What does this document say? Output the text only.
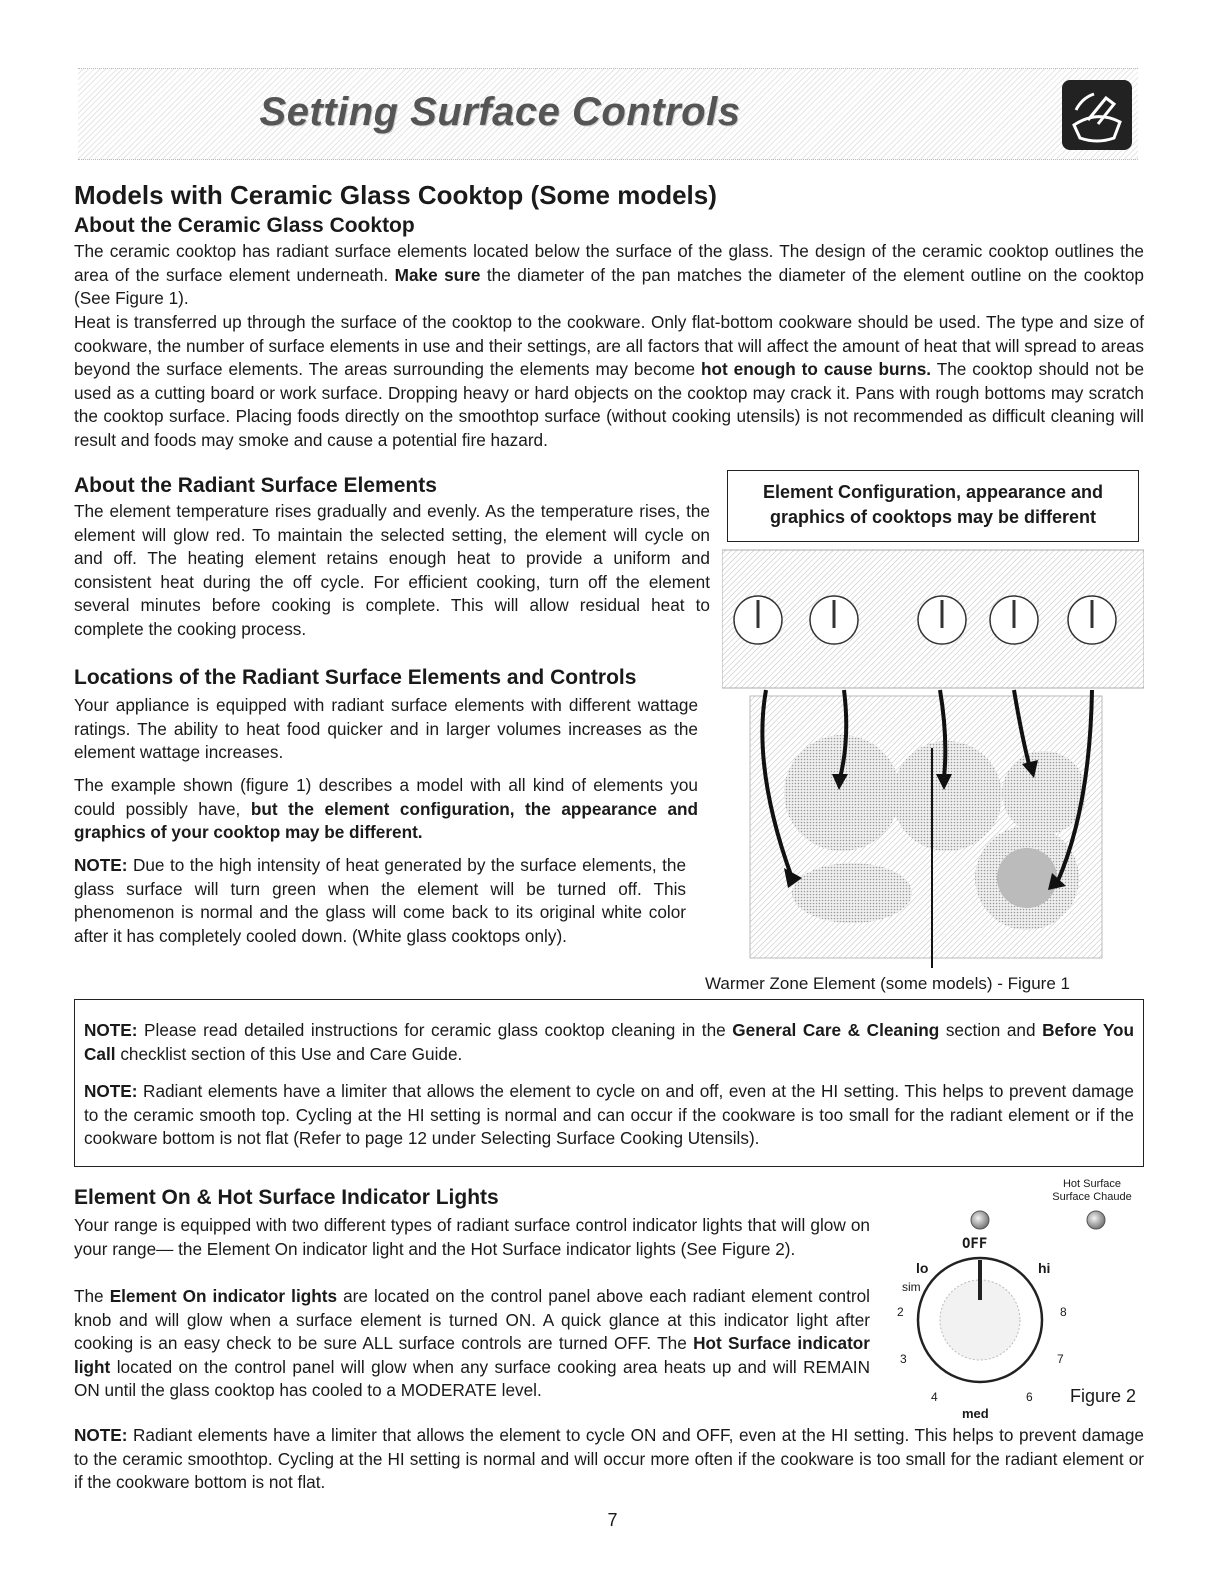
Setting Surface Controls
Models with Ceramic Glass Cooktop (Some models)
About the Ceramic Glass Cooktop

The ceramic cooktop has radiant surface elements located below the surface of the glass. The design of the ceramic cooktop outlines the area of the surface element underneath. Make sure the diameter of the pan matches the diameter of the element outline on the cooktop (See Figure 1).

Heat is transferred up through the surface of the cooktop to the cookware. Only flat-bottom cookware should be used. The type and size of cookware, the number of surface elements in use and their settings, are all factors that will affect the amount of heat that will spread to areas beyond the surface elements. The areas surrounding the elements may become hot enough to cause burns. The cooktop should not be used as a cutting board or work surface. Dropping heavy or hard objects on the cooktop may crack it. Pans with rough bottoms may scratch the cooktop surface. Placing foods directly on the smoothtop surface (without cooking utensils) is not recommended as difficult cleaning will result and foods may smoke and cause a potential fire hazard.

About the Radiant Surface Elements

The element temperature rises gradually and evenly. As the temperature rises, the element will glow red. To maintain the selected setting, the element will cycle on and off. The heating element retains enough heat to provide a uniform and consistent heat during the off cycle. For efficient cooking, turn off the element several minutes before cooking is complete. This will allow residual heat to complete the cooking process.

Locations of the Radiant Surface Elements and Controls

Your appliance is equipped with radiant surface elements with different wattage ratings. The ability to heat food quicker and in larger volumes increases as the element wattage increases.

The example shown (figure 1) describes a model with all kind of elements you could possibly have, but the element configuration, the appearance and graphics of your cooktop may be different.

NOTE: Due to the high intensity of heat generated by the surface elements, the glass surface will turn green when the element will be turned off. This phenomenon is normal and the glass will come back to its original white color after it has completely cooled down. (White glass cooktops only).

Element Configuration, appearance and graphics of cooktops may be different
Warmer Zone Element (some models) - Figure 1

NOTE: Please read detailed instructions for ceramic glass cooktop cleaning in the General Care & Cleaning section and Before You Call checklist section of this Use and Care Guide.

NOTE: Radiant elements have a limiter that allows the element to cycle on and off, even at the HI setting. This helps to prevent damage to the ceramic smooth top. Cycling at the HI setting is normal and can occur if the cookware is too small for the radiant element or if the cookware bottom is not flat (Refer to page 12 under Selecting Surface Cooking Utensils).

Element On & Hot Surface Indicator Lights

Your range is equipped with two different types of radiant surface control indicator lights that will glow on your range— the Element On indicator light and the Hot Surface indicator lights (See Figure 2).

The Element On indicator lights are located on the control panel above each radiant element control knob and will glow when a surface element is turned ON. A quick glance at this indicator light after cooking is an easy check to be sure ALL surface controls are turned OFF. The Hot Surface indicator light located on the control panel will glow when any surface cooking area heats up and will REMAIN ON until the glass cooktop has cooled to a MODERATE level.

Hot Surface
Surface Chaude
OFF
lo	hi
sim
2	8
3	7
4	6
med
Figure 2

NOTE: Radiant elements have a limiter that allows the element to cycle ON and OFF, even at the HI setting. This helps to prevent damage to the ceramic smoothtop. Cycling at the HI setting is normal and will occur more often if the cookware is too small for the radiant element or if the cookware bottom is not flat.

7
